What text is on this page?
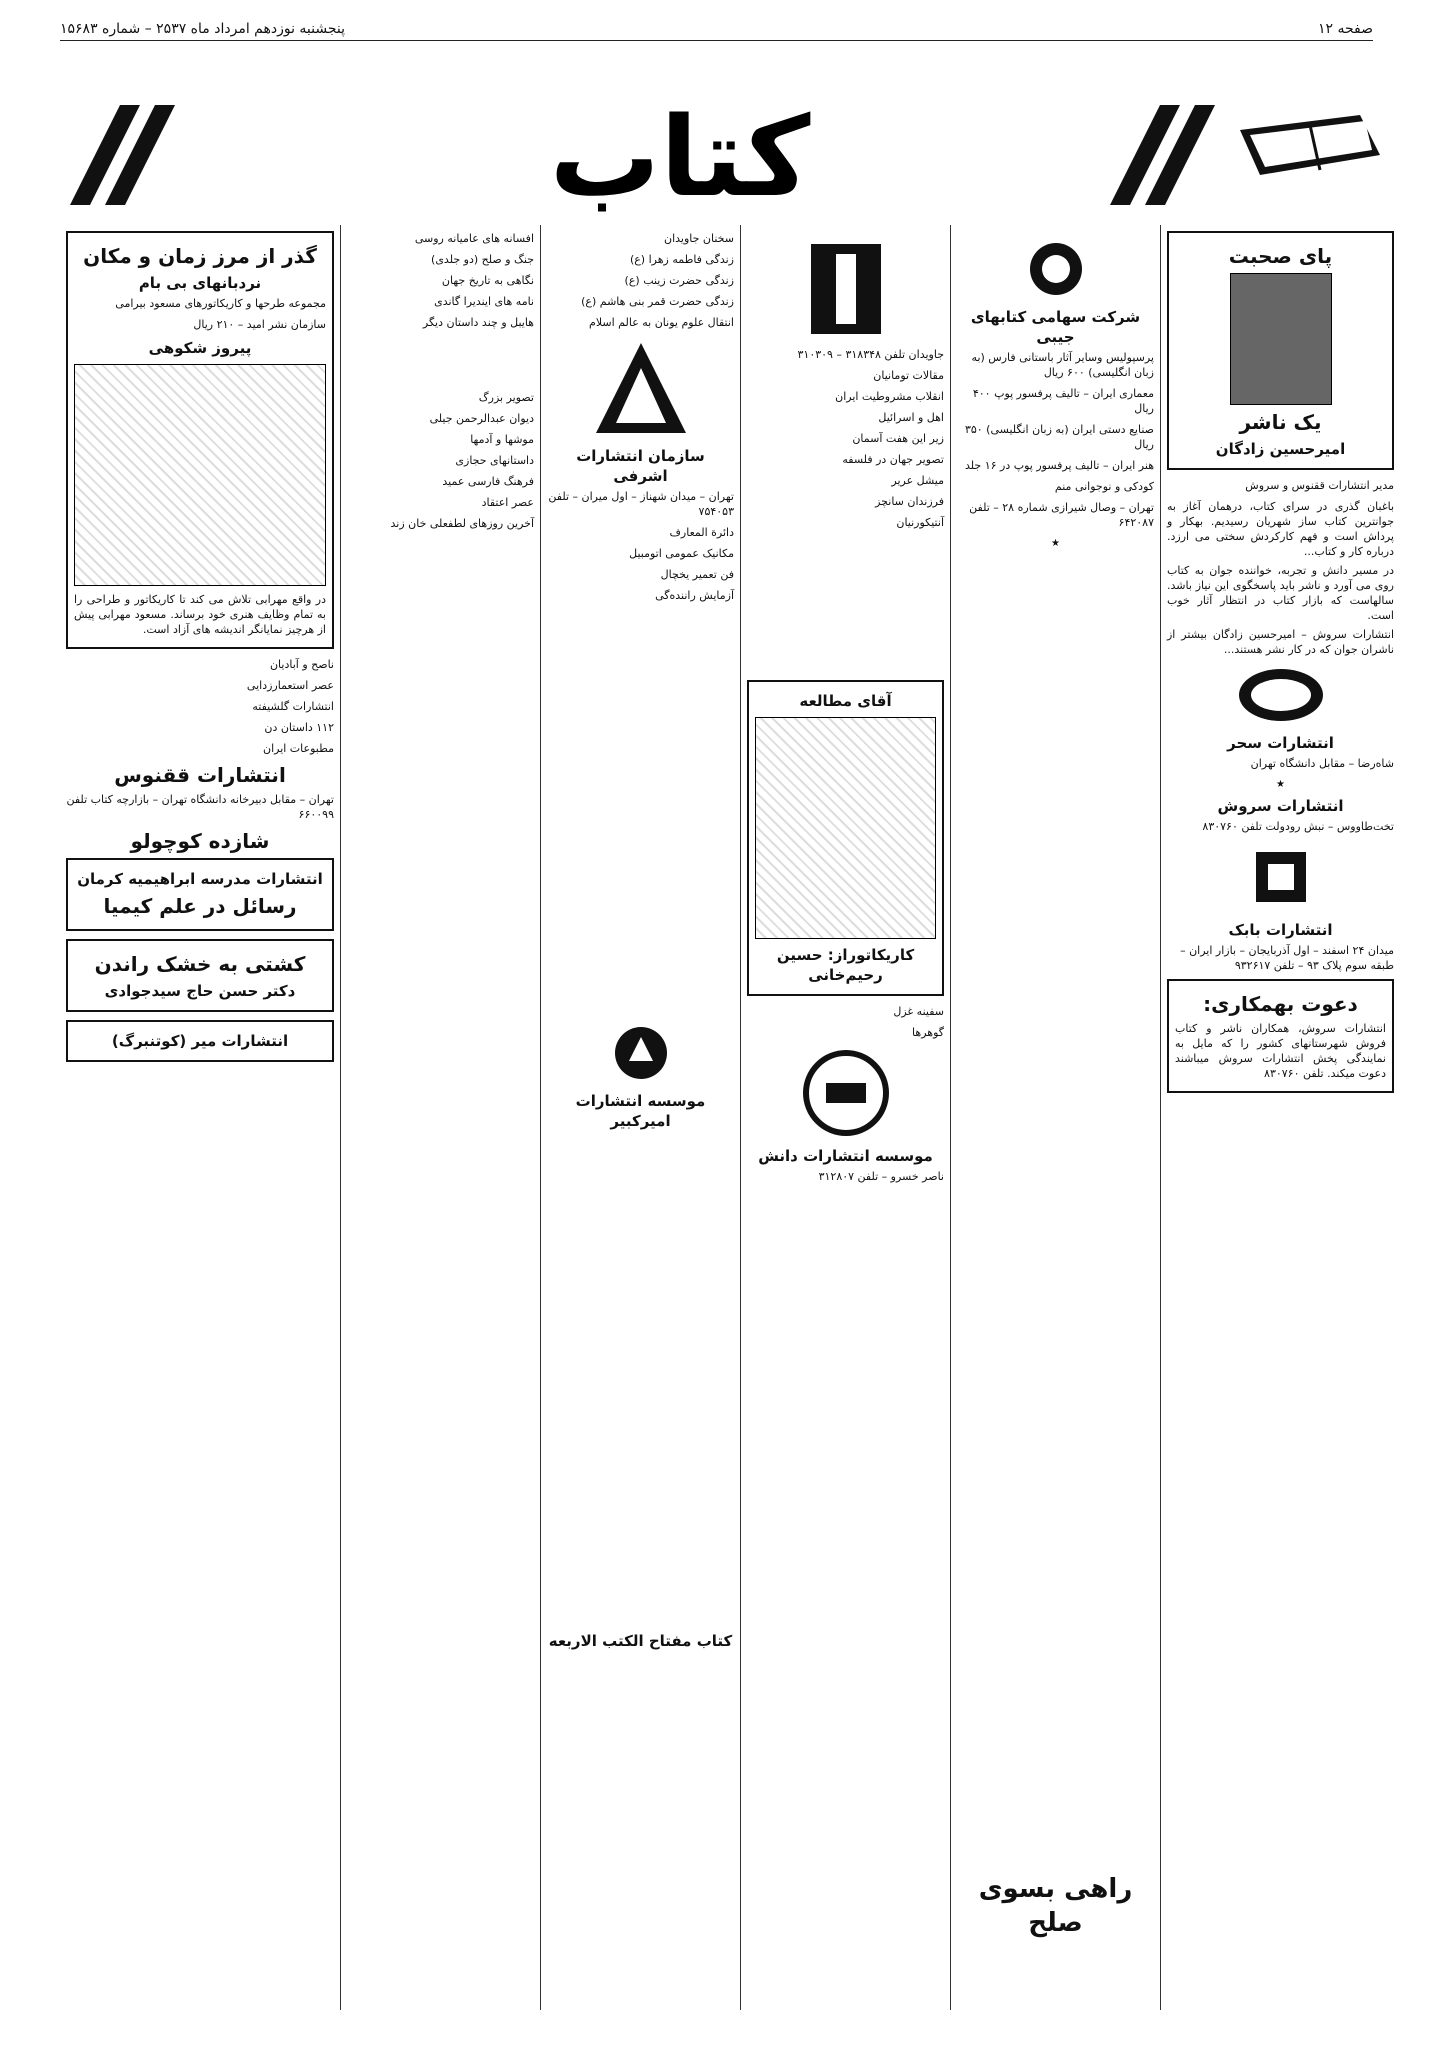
صفحه ۱۲
پنجشنبه نوزدهم امرداد ماه ۲۵۳۷ – شماره ۱۵۶۸۳
کتاب
پای صحبت
یک ناشر
امیرحسین زادگان
مدیر انتشارات ققنوس و سروش
باغبان گذری در سرای کتاب، درهمان آغاز به جوانترین کتاب ساز شهریان رسیدیم. بهکار و پرداش است و فهم کارکردش سختی می ارزد. درباره کار و کتاب...
در مسیر دانش و تجربه، خواننده جوان به کتاب روی می آورد و ناشر باید پاسخگوی این نیاز باشد. سالهاست که بازار کتاب در انتظار آثار خوب است.
انتشارات سروش – امیرحسین زادگان بیشتر از ناشران جوان که در کار نشر هستند...
انتشارات سحر
شاه‌رضا – مقابل دانشگاه تهران
★
انتشارات سروش
تخت‌طاووس – نبش رودولت تلفن ۸۳۰۷۶۰
انتشارات بابک
میدان ۲۴ اسفند – اول آذربایجان – بازار ایران – طبقه سوم پلاک ۹۳ – تلفن ۹۳۲۶۱۷
دعوت بهمکاری:
انتشارات سروش، همکاران ناشر و کتاب فروش شهرستانهای کشور را که مایل به نمایندگی پخش انتشارات سروش میباشند دعوت میکند. تلفن ۸۳۰۷۶۰
شرکت سهامی کتابهای جیبی
پرسپولیس وسایر آثار باستانی فارس (به زبان انگلیسی) ۶۰۰ ریال
معماری ایران – تالیف پرفسور پوپ ۴۰۰ ریال
صنایع دستی ایران (به زبان انگلیسی) ۳۵۰ ریال
هنر ایران – تالیف پرفسور پوپ در ۱۶ جلد
کودکی و نوجوانی منم
تهران – وصال شیرازی شماره ۲۸ – تلفن ۶۴۲۰۸۷
★
راهی بسوی صلح
جاویدان تلفن ۳۱۸۳۴۸ – ۳۱۰۳۰۹
مقالات تومانیان
انقلاب مشروطیت ایران
اهل و اسرائیل
زیر این هفت آسمان
تصویر جهان در فلسفه
میشل عریر
فرزندان سانچز
آنتیکورنیان
آقای مطالعه
کاریکاتوراز: حسین رحیم‌خانی
سفینه غزل
گوهرها
موسسه انتشارات دانش
ناصر خسرو – تلفن ۳۱۲۸۰۷
سخنان جاویدان
زندگی فاطمه زهرا (ع)
زندگی حضرت زینب (ع)
زندگی حضرت قمر بنی هاشم (ع)
انتقال علوم یونان به عالم اسلام
سازمان انتشارات اشرفی
تهران – میدان شهناز – اول میران – تلفن ۷۵۴۰۵۳
دائرة المعارف
مکانیک عمومی اتومبیل
فن تعمیر یخچال
آزمایش راننده‌گی
موسسه انتشارات امیرکبیر
کتاب مفتاح الکتب الاربعه
افسانه های عامیانه روسی
جنگ و صلح (دو جلدی)
نگاهی به تاریخ جهان
نامه های ایندیرا گاندی
هایبل و چند داستان دیگر
تصویر بزرگ
دیوان عبدالرحمن جیلی
موشها و آدمها
داستانهای حجازی
فرهنگ فارسی عمید
عصر اعتقاد
آخرین روزهای لطفعلی خان زند
گذر از مرز زمان و مکان
نردبانهای بی بام
مجموعه طرحها و کاریکاتورهای مسعود بیرامی
سازمان نشر امید – ۲۱۰ ریال
پیروز شکوهی
در واقع مهرابی تلاش می کند تا کاریکاتور و طراحی را به تمام وظایف هنری خود برساند. مسعود مهرابی پیش از هرچیز نمایانگر اندیشه های آزاد است.
ناصح و آبادیان
عصر استعمارزدایی
انتشارات گلشیفته
۱۱۲ داستان دن
مطبوعات ایران
انتشارات ققنوس
تهران – مقابل دبیرخانه دانشگاه تهران – بازارچه کتاب تلفن ۶۶۰۰۹۹
شازده کوچولو
انتشارات مدرسه ابراهیمیه کرمان
رسائل در علم کیمیا
کشتی به خشک راندن
دکتر حسن حاج سیدجوادی
انتشارات میر (کوتنبرگ)
